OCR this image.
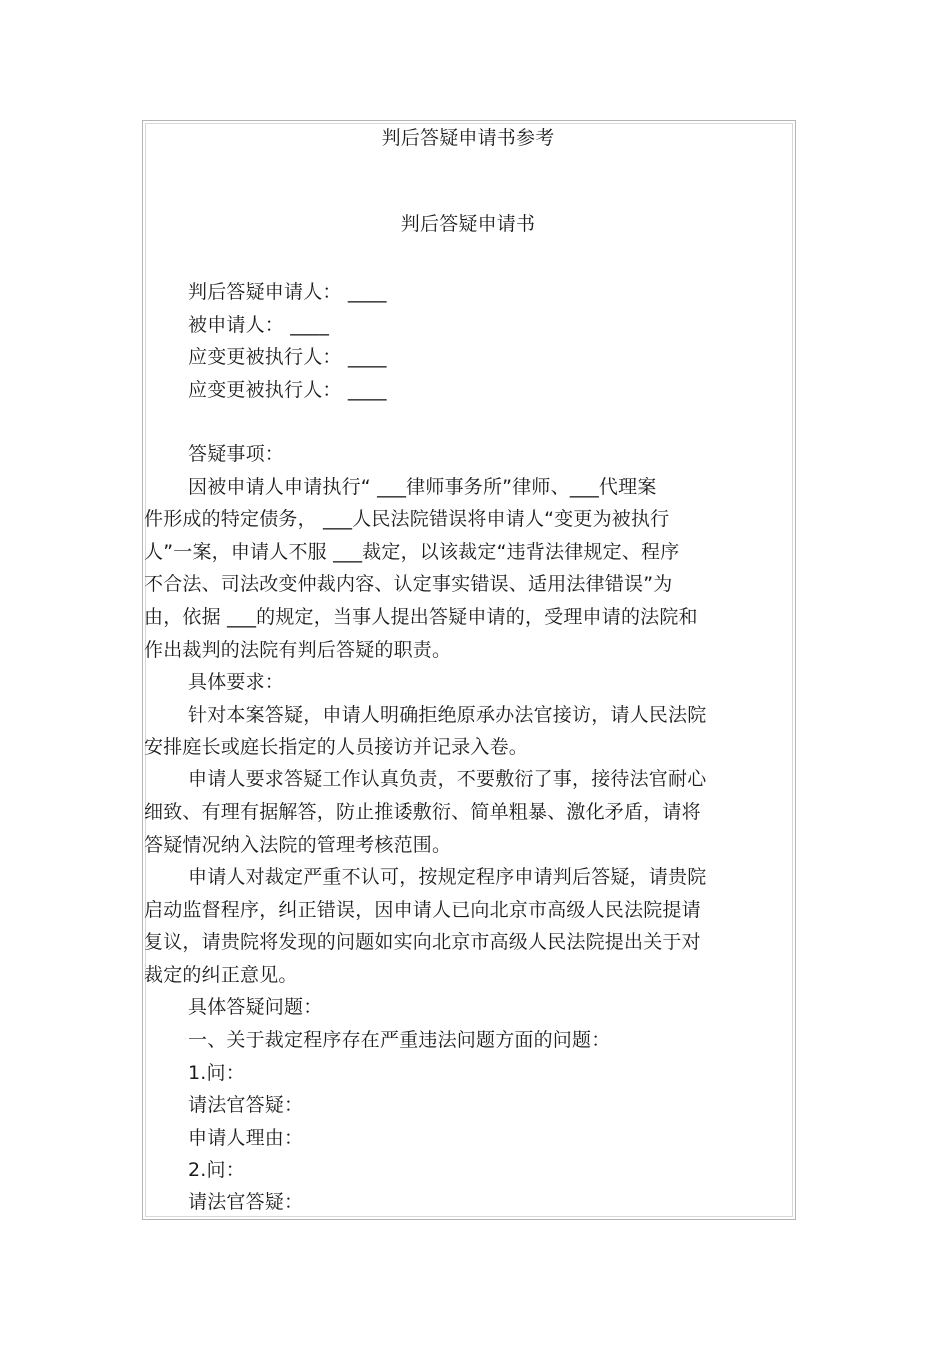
判后答疑申请书参考
判后答疑申请书
判后答疑申请人： ____
被申请人： ____
应变更被执行人： ____
应变更被执行人： ____
答疑事项：
因被申请人申请执行“ ___律师事务所”律师、___代理案
件形成的特定债务， ___人民法院错误将申请人“变更为被执行
人”一案，申请人不服 ___裁定，以该裁定“违背法律规定、程序
不合法、司法改变仲裁内容、认定事实错误、适用法律错误”为
由，依据 ___的规定，当事人提出答疑申请的，受理申请的法院和
作出裁判的法院有判后答疑的职责。
具体要求：
针对本案答疑，申请人明确拒绝原承办法官接访，请人民法院
安排庭长或庭长指定的人员接访并记录入卷。
申请人要求答疑工作认真负责，不要敷衍了事，接待法官耐心
细致、有理有据解答，防止推诿敷衍、简单粗暴、激化矛盾，请将
答疑情况纳入法院的管理考核范围。
申请人对裁定严重不认可，按规定程序申请判后答疑，请贵院
启动监督程序，纠正错误，因申请人已向北京市高级人民法院提请
复议，请贵院将发现的问题如实向北京市高级人民法院提出关于对
裁定的纠正意见。
具体答疑问题：
一、关于裁定程序存在严重违法问题方面的问题：
1.问：
请法官答疑：
申请人理由：
2.问：
请法官答疑：
